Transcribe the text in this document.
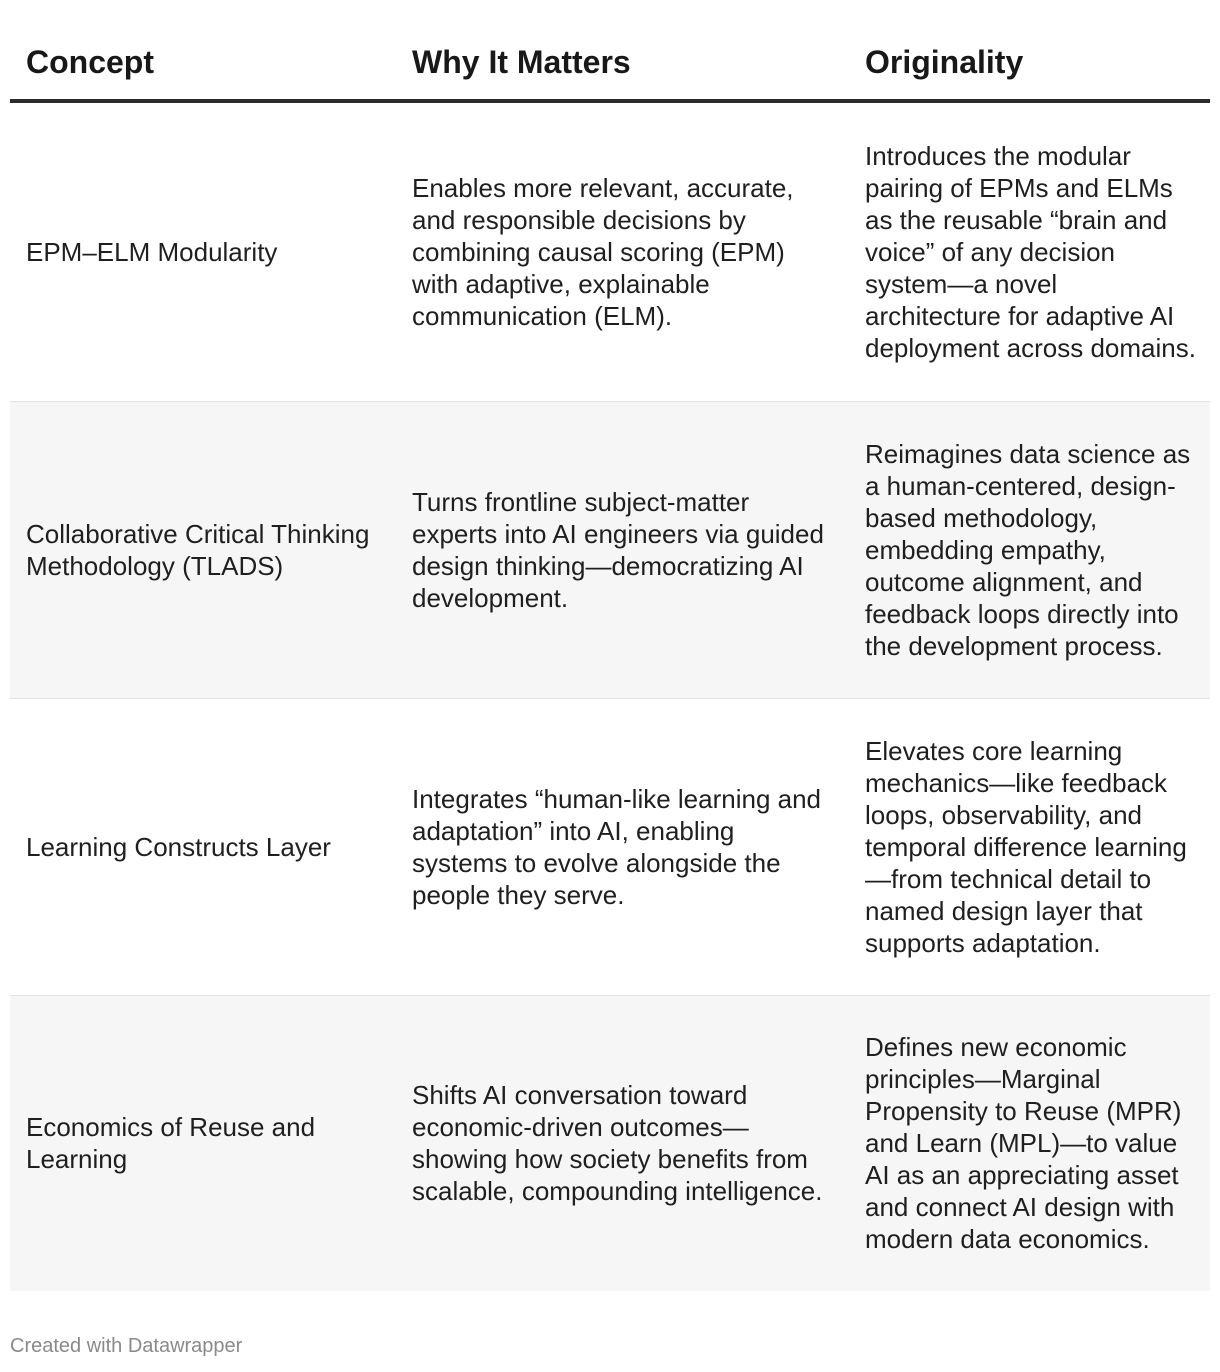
Concept	Why It Matters	Originality
EPM–ELM Modularity	Enables more relevant, accurate, and responsible decisions by combining causal scoring (EPM) with adaptive, explainable communication (ELM).	Introduces the modular pairing of EPMs and ELMs as the reusable “brain and voice” of any decision system—a novel architecture for adaptive AI deployment across domains.
Collaborative Critical Thinking Methodology (TLADS)	Turns frontline subject-matter experts into AI engineers via guided design thinking—democratizing AI development.	Reimagines data science as a human-centered, design-based methodology, embedding empathy, outcome alignment, and feedback loops directly into the development process.
Learning Constructs Layer	Integrates “human-like learning and adaptation” into AI, enabling systems to evolve alongside the people they serve.	Elevates core learning mechanics—like feedback loops, observability, and temporal difference learning—from technical detail to named design layer that supports adaptation.
Economics of Reuse and Learning	Shifts AI conversation toward economic-driven outcomes—showing how society benefits from scalable, compounding intelligence.	Defines new economic principles—Marginal Propensity to Reuse (MPR) and Learn (MPL)—to value AI as an appreciating asset and connect AI design with modern data economics.
Created with Datawrapper
